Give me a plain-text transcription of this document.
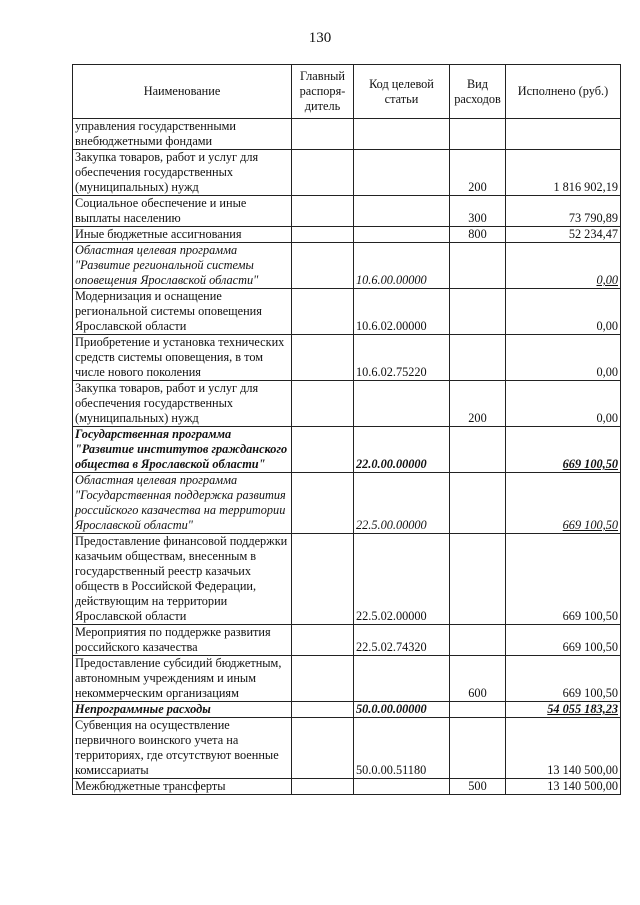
130
Наименование	Главный распоря-дитель	Код целевой статьи	Вид расходов	Исполнено (руб.)
управления государственными внебюджетными фондами				
Закупка товаров, работ и услуг для обеспечения государственных (муниципальных) нужд			200	1 816 902,19
Социальное обеспечение и иные выплаты населению			300	73 790,89
Иные бюджетные ассигнования			800	52 234,47
Областная целевая программа "Развитие региональной системы оповещения Ярославской области"		10.6.00.00000		0,00
Модернизация и оснащение региональной системы оповещения Ярославской области		10.6.02.00000		0,00
Приобретение и установка технических средств системы оповещения, в том числе нового поколения		10.6.02.75220		0,00
Закупка товаров, работ и услуг для обеспечения государственных (муниципальных) нужд			200	0,00
Государственная программа "Развитие институтов гражданского общества в Ярославской области"		22.0.00.00000		669 100,50
Областная целевая программа "Государственная поддержка развития российского казачества на территории Ярославской области"		22.5.00.00000		669 100,50
Предоставление финансовой поддержки казачьим обществам, внесенным в государственный реестр казачьих обществ в Российской Федерации, действующим на территории Ярославской области		22.5.02.00000		669 100,50
Мероприятия по поддержке развития российского казачества		22.5.02.74320		669 100,50
Предоставление субсидий бюджетным, автономным учреждениям и иным некоммерческим организациям			600	669 100,50
Непрограммные расходы		50.0.00.00000		54 055 183,23
Субвенция на осуществление первичного воинского учета на территориях, где отсутствуют военные комиссариаты		50.0.00.51180		13 140 500,00
Межбюджетные трансферты			500	13 140 500,00
